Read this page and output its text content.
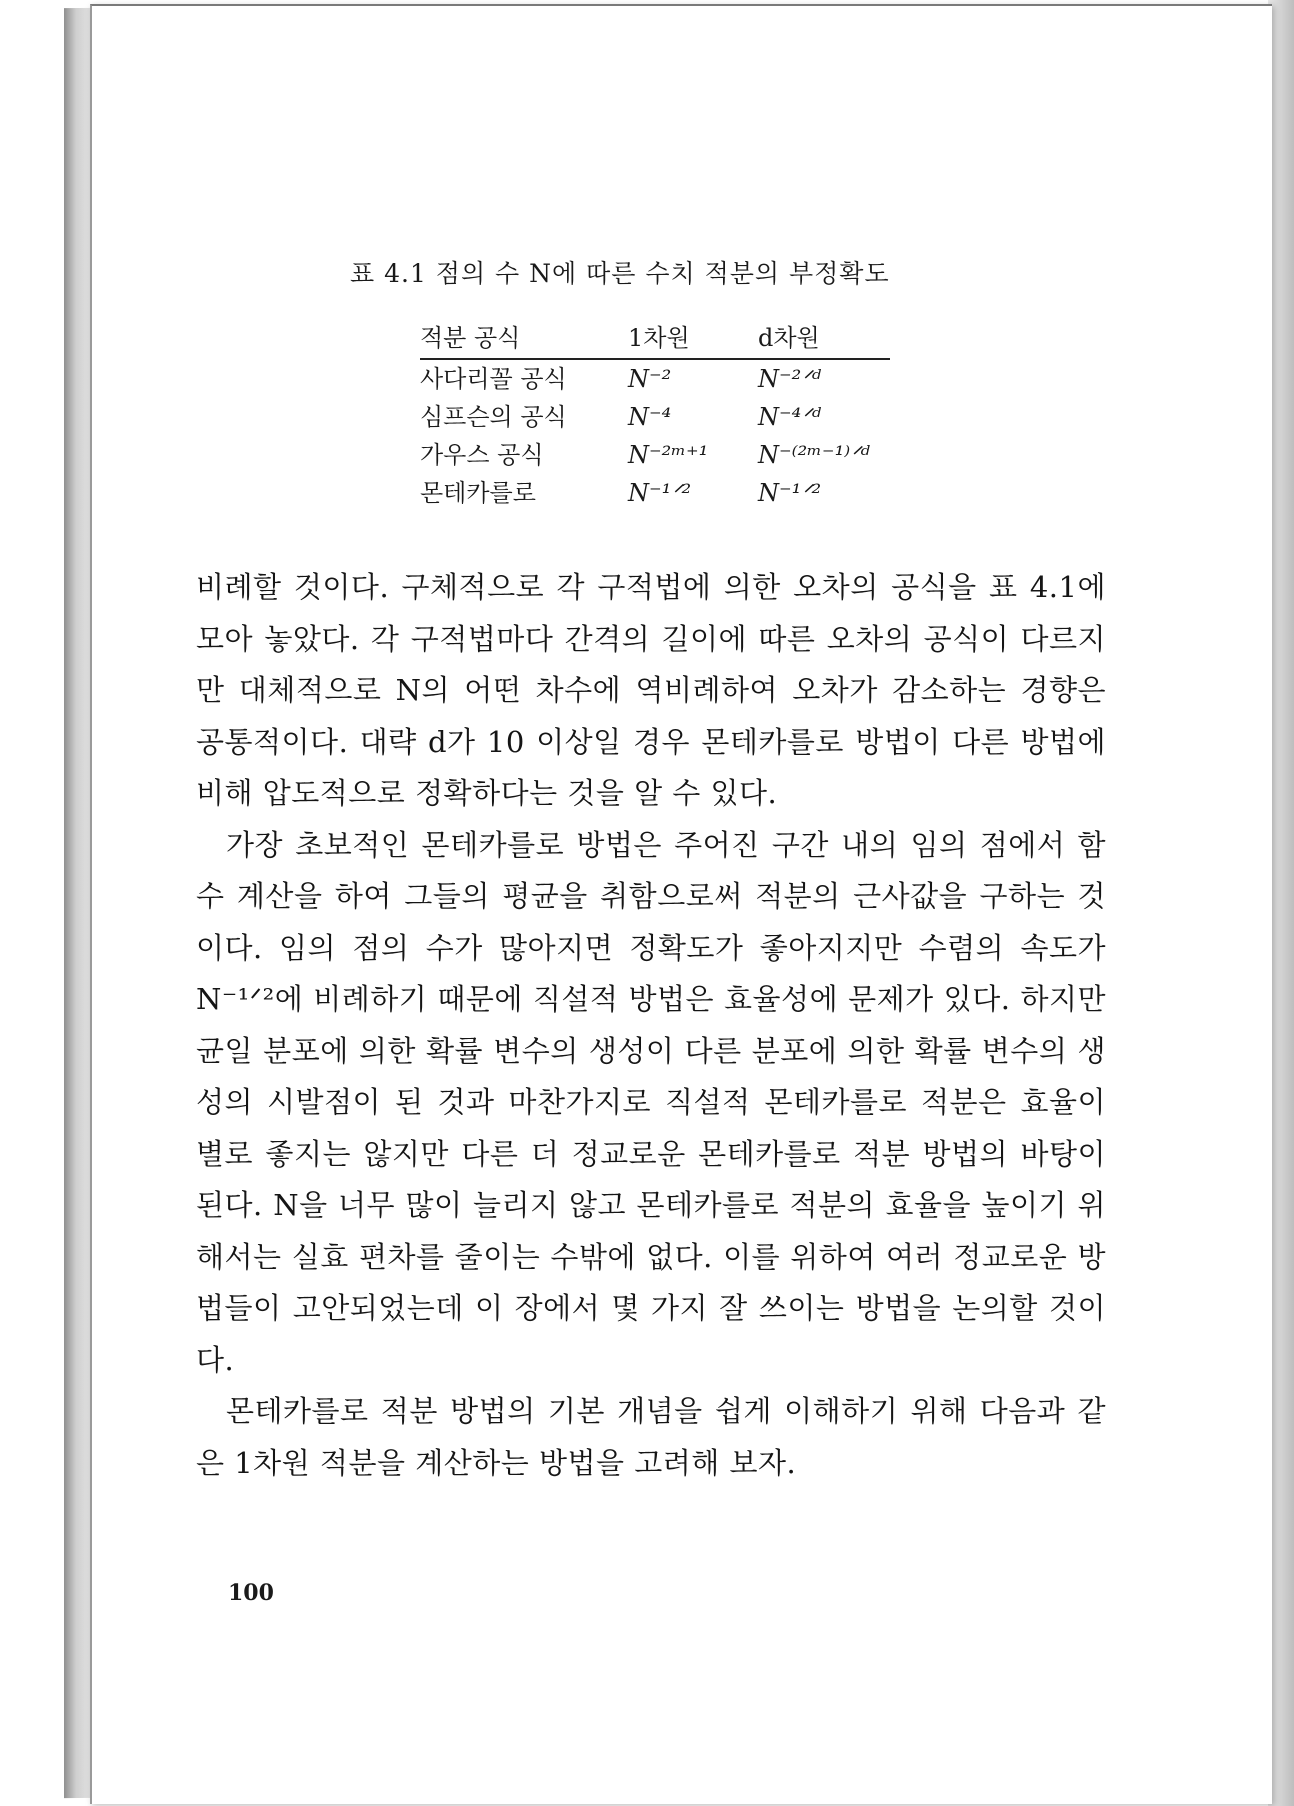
표 4.1 점의 수 N에 따른 수치 적분의 부정확도
적분 공식	1차원	d차원
사다리꼴 공식	N⁻²	N⁻²ᐟᵈ
심프슨의 공식	N⁻⁴	N⁻⁴ᐟᵈ
가우스 공식	N⁻²ᵐ⁺¹	N⁻⁽²ᵐ⁻¹⁾ᐟᵈ
몬테카를로	N⁻¹ᐟ²	N⁻¹ᐟ²

비례할 것이다. 구체적으로 각 구적법에 의한 오차의 공식을 표 4.1에 모아 놓았다. 각 구적법마다 간격의 길이에 따른 오차의 공식이 다르지만 대체적으로 N의 어떤 차수에 역비례하여 오차가 감소하는 경향은 공통적이다. 대략 d가 10 이상일 경우 몬테카를로 방법이 다른 방법에 비해 압도적으로 정확하다는 것을 알 수 있다.

가장 초보적인 몬테카를로 방법은 주어진 구간 내의 임의 점에서 함수 계산을 하여 그들의 평균을 취함으로써 적분의 근사값을 구하는 것이다. 임의 점의 수가 많아지면 정확도가 좋아지지만 수렴의 속도가 N⁻¹ᐟ²에 비례하기 때문에 직설적 방법은 효율성에 문제가 있다. 하지만 균일 분포에 의한 확률 변수의 생성이 다른 분포에 의한 확률 변수의 생성의 시발점이 된 것과 마찬가지로 직설적 몬테카를로 적분은 효율이 별로 좋지는 않지만 다른 더 정교로운 몬테카를로 적분 방법의 바탕이 된다. N을 너무 많이 늘리지 않고 몬테카를로 적분의 효율을 높이기 위해서는 실효 편차를 줄이는 수밖에 없다. 이를 위하여 여러 정교로운 방법들이 고안되었는데 이 장에서 몇 가지 잘 쓰이는 방법을 논의할 것이다.

몬테카를로 적분 방법의 기본 개념을 쉽게 이해하기 위해 다음과 같은 1차원 적분을 계산하는 방법을 고려해 보자.

100
